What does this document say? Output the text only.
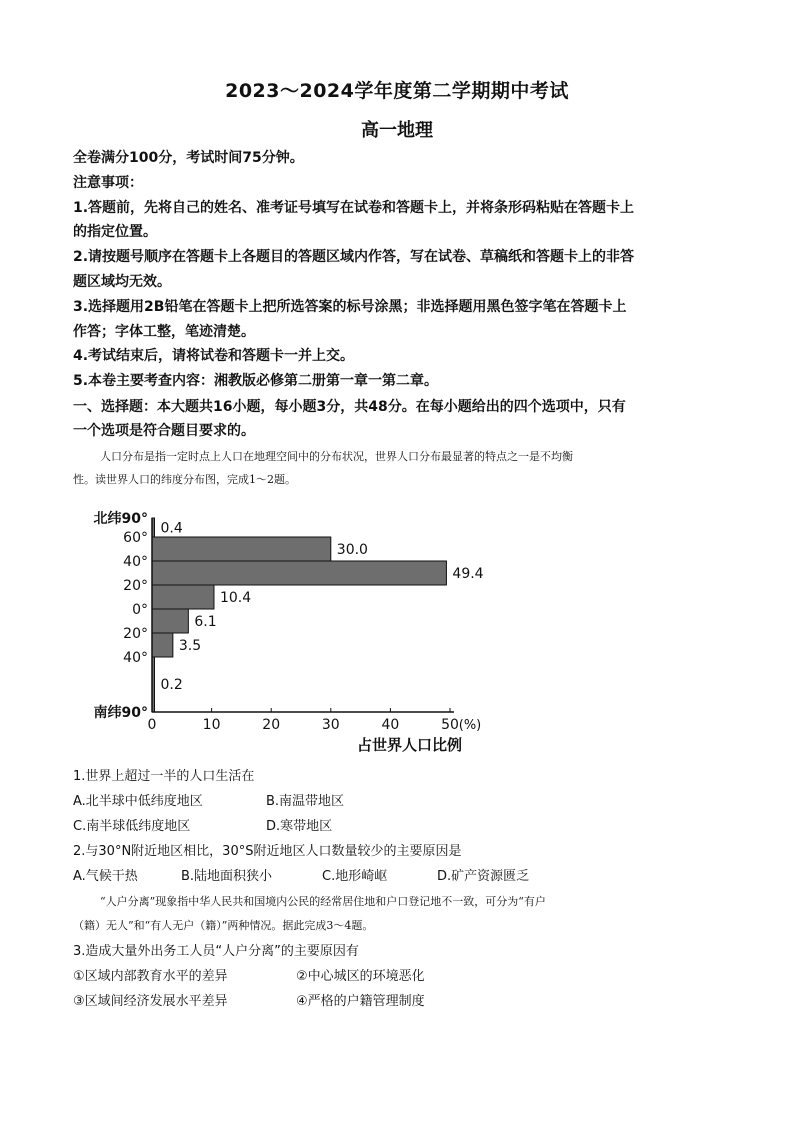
2023～2024学年度第二学期期中考试
高一地理
全卷满分100分，考试时间75分钟。
注意事项：
1.答题前，先将自己的姓名、准考证号填写在试卷和答题卡上，并将条形码粘贴在答题卡上
的指定位置。
2.请按题号顺序在答题卡上各题目的答题区域内作答，写在试卷、草稿纸和答题卡上的非答
题区域均无效。
3.选择题用2B铅笔在答题卡上把所选答案的标号涂黑；非选择题用黑色签字笔在答题卡上
作答；字体工整，笔迹清楚。
4.考试结束后，请将试卷和答题卡一并上交。
5.本卷主要考查内容：湘教版必修第二册第一章一第二章。
一、选择题：本大题共16小题，每小题3分，共48分。在每小题给出的四个选项中，只有
一个选项是符合题目要求的。
人口分布是指一定时点上人口在地理空间中的分布状况，世界人口分布最显著的特点之一是不均衡
性。读世界人口的纬度分布图，完成1～2题。
0.4
30.0
49.4
10.4
6.1
3.5
0.2
北纬90°
60°
40°
20°
0°
20°
40°
南纬90°
0	10	20	30	40	50 (%)
占世界人口比例
1.世界上超过一半的人口生活在
A.北半球中低纬度地区	B.南温带地区
C.南半球低纬度地区	D.寒带地区
2.与30°N附近地区相比，30°S附近地区人口数量较少的主要原因是
A.气候干热	B.陆地面积狭小	C.地形崎岖	D.矿产资源匮乏
“人户分离”现象指中华人民共和国境内公民的经常居住地和户口登记地不一致，可分为“有户
（籍）无人”和“有人无户（籍）”两种情况。据此完成3～4题。
3.造成大量外出务工人员“人户分离”的主要原因有
①区域内部教育水平的差异	②中心城区的环境恶化
③区域间经济发展水平差异	④严格的户籍管理制度
